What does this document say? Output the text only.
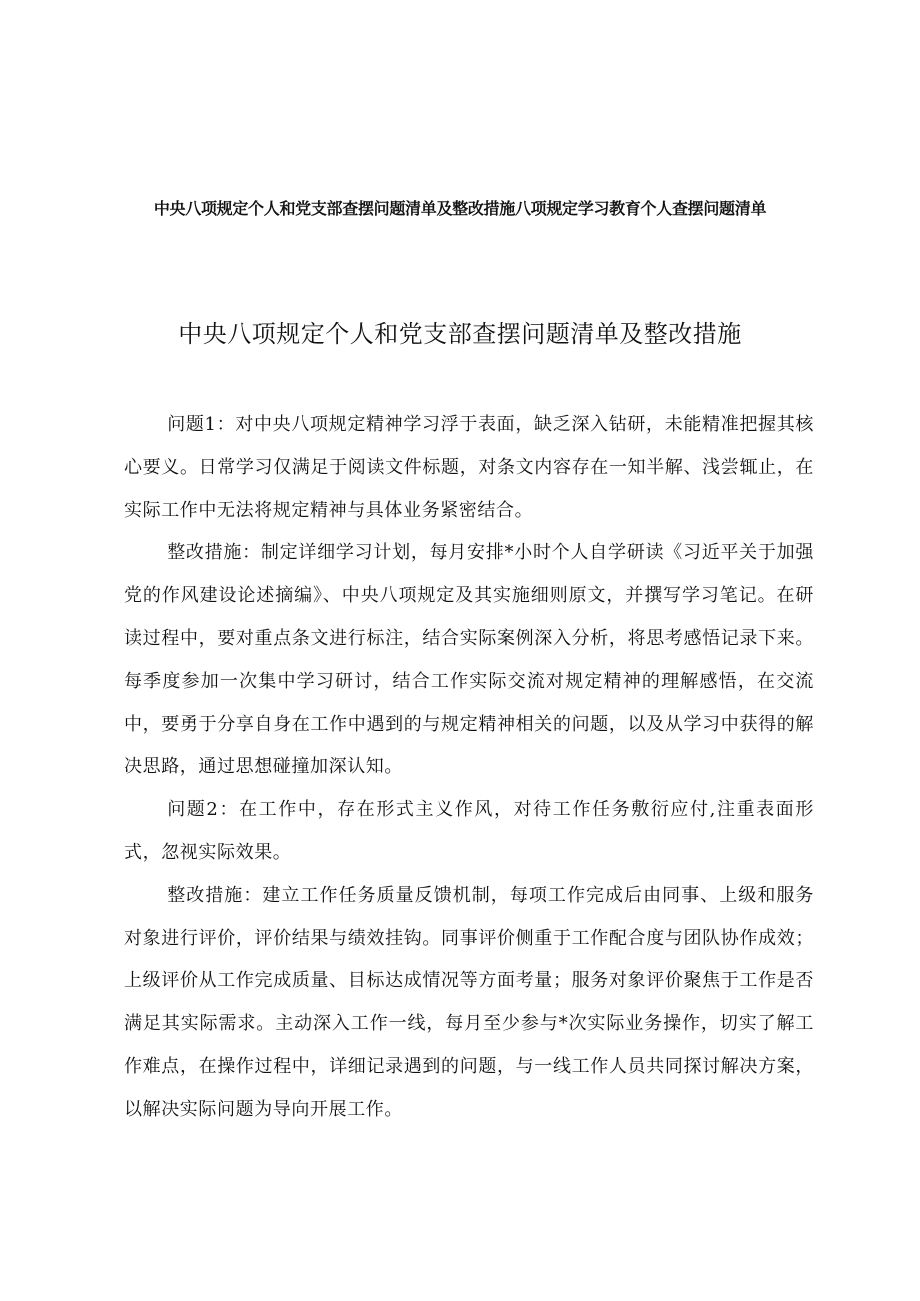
中央八项规定个人和党支部查摆问题清单及整改措施八项规定学习教育个人查摆问题清单
中央八项规定个人和党支部查摆问题清单及整改措施

问题1：对中央八项规定精神学习浮于表面，缺乏深入钻研，未能精准把握其核心要义。日常学习仅满足于阅读文件标题，对条文内容存在一知半解、浅尝辄止，在实际工作中无法将规定精神与具体业务紧密结合。

整改措施：制定详细学习计划，每月安排*小时个人自学研读《习近平关于加强党的作风建设论述摘编》、中央八项规定及其实施细则原文，并撰写学习笔记。在研读过程中，要对重点条文进行标注，结合实际案例深入分析，将思考感悟记录下来。每季度参加一次集中学习研讨，结合工作实际交流对规定精神的理解感悟，在交流中，要勇于分享自身在工作中遇到的与规定精神相关的问题，以及从学习中获得的解决思路，通过思想碰撞加深认知。

问题2：在工作中，存在形式主义作风，对待工作任务敷衍应付,注重表面形式，忽视实际效果。

整改措施：建立工作任务质量反馈机制，每项工作完成后由同事、上级和服务对象进行评价，评价结果与绩效挂钩。同事评价侧重于工作配合度与团队协作成效；上级评价从工作完成质量、目标达成情况等方面考量；服务对象评价聚焦于工作是否满足其实际需求。主动深入工作一线，每月至少参与*次实际业务操作，切实了解工作难点，在操作过程中，详细记录遇到的问题，与一线工作人员共同探讨解决方案，以解决实际问题为导向开展工作。
